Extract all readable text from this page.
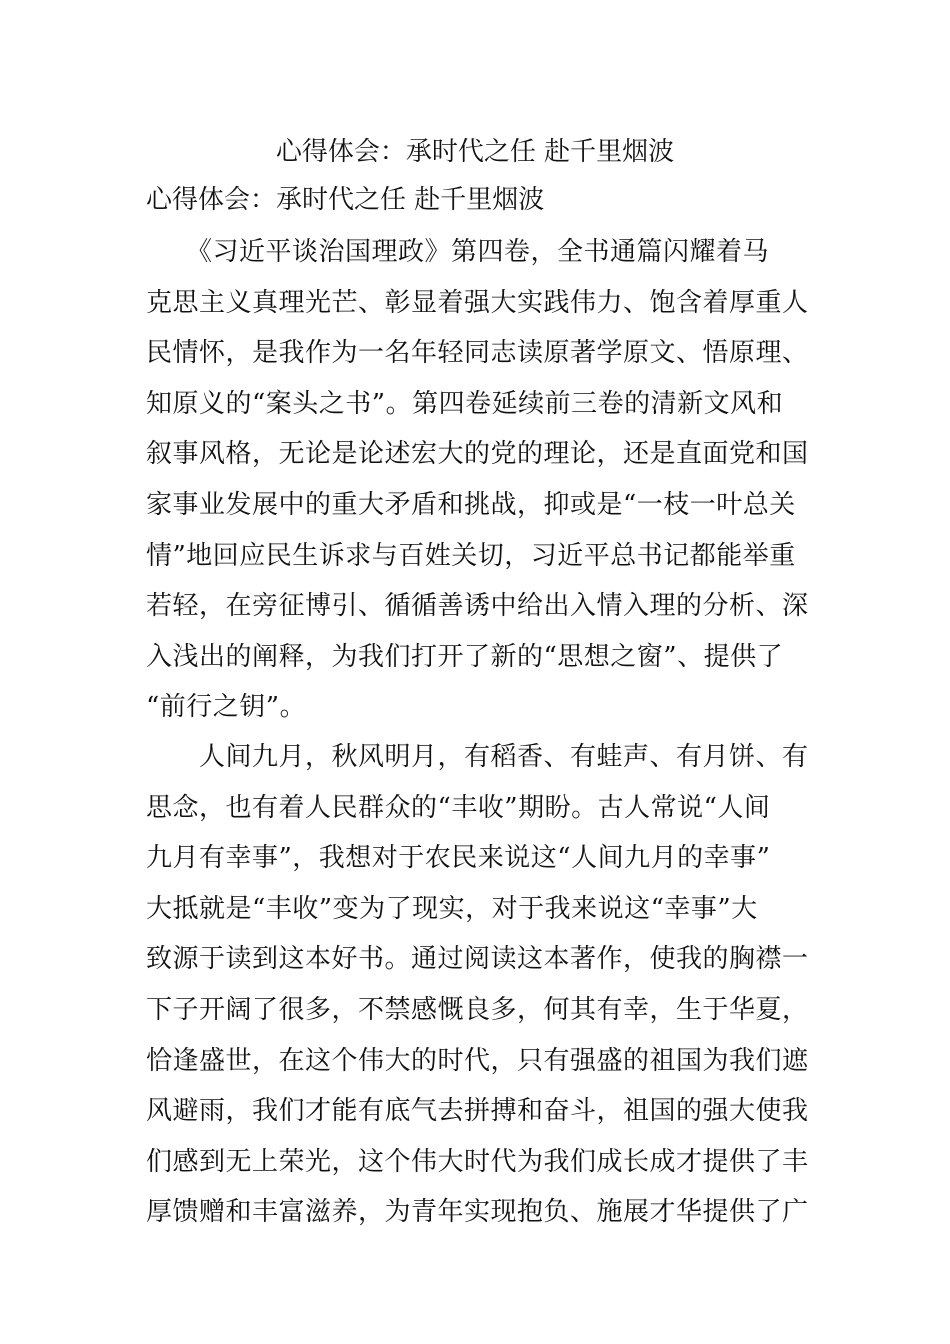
心得体会：承时代之任 赴千里烟波
心得体会：承时代之任 赴千里烟波
　　《习近平谈治国理政》第四卷，全书通篇闪耀着马
克思主义真理光芒、彰显着强大实践伟力、饱含着厚重人
民情怀，是我作为一名年轻同志读原著学原文、悟原理、
知原义的“案头之书”。第四卷延续前三卷的清新文风和
叙事风格，无论是论述宏大的党的理论，还是直面党和国
家事业发展中的重大矛盾和挑战，抑或是“一枝一叶总关
情”地回应民生诉求与百姓关切，习近平总书记都能举重
若轻，在旁征博引、循循善诱中给出入情入理的分析、深
入浅出的阐释，为我们打开了新的“思想之窗”、提供了
“前行之钥”。
　　人间九月，秋风明月，有稻香、有蛙声、有月饼、有
思念，也有着人民群众的“丰收”期盼。古人常说“人间
九月有幸事”，我想对于农民来说这“人间九月的幸事”
大抵就是“丰收”变为了现实，对于我来说这“幸事”大
致源于读到这本好书。通过阅读这本著作，使我的胸襟一
下子开阔了很多，不禁感慨良多，何其有幸，生于华夏，
恰逢盛世，在这个伟大的时代，只有强盛的祖国为我们遮
风避雨，我们才能有底气去拼搏和奋斗，祖国的强大使我
们感到无上荣光，这个伟大时代为我们成长成才提供了丰
厚馈赠和丰富滋养，为青年实现抱负、施展才华提供了广
